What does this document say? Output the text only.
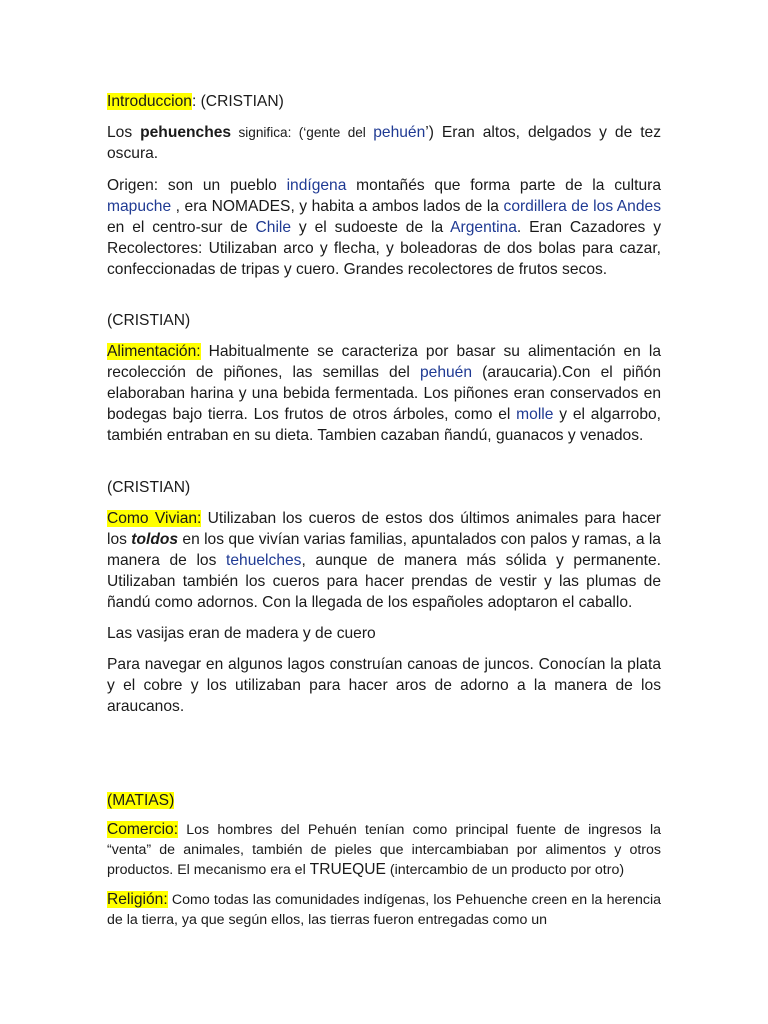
Introduccion: (CRISTIAN)

Los pehuenches significa: (‘gente del pehuén’) Eran altos, delgados y de tez oscura.

Origen: son un pueblo indígena montañés que forma parte de la cultura mapuche , era NOMADES, y habita a ambos lados de la cordillera de los Andes en el centro-sur de Chile y el sudoeste de la Argentina. Eran Cazadores y Recolectores: Utilizaban arco y flecha, y boleadoras de dos bolas para cazar, confeccionadas de tripas y cuero. Grandes recolectores de frutos secos.

(CRISTIAN)

Alimentación: Habitualmente se caracteriza por basar su alimentación en la recolección de piñones, las semillas del pehuén (araucaria).Con el piñón elaboraban harina y una bebida fermentada. Los piñones eran conservados en bodegas bajo tierra. Los frutos de otros árboles, como el molle y el algarrobo, también entraban en su dieta. Tambien cazaban ñandú, guanacos y venados.

(CRISTIAN)

Como Vivian: Utilizaban los cueros de estos dos últimos animales para hacer los toldos en los que vivían varias familias, apuntalados con palos y ramas, a la manera de los tehuelches, aunque de manera más sólida y permanente. Utilizaban también los cueros para hacer prendas de vestir y las plumas de ñandú como adornos. Con la llegada de los españoles adoptaron el caballo.

Las vasijas eran de madera y de cuero

Para navegar en algunos lagos construían canoas de juncos. Conocían la plata y el cobre y los utilizaban para hacer aros de adorno a la manera de los araucanos.

(MATIAS)

Comercio: Los hombres del Pehuén tenían como principal fuente de ingresos la “venta” de animales, también de pieles que intercambiaban por alimentos y otros productos. El mecanismo era el TRUEQUE (intercambio de un producto por otro)

Religión: Como todas las comunidades indígenas, los Pehuenche creen en la herencia de la tierra, ya que según ellos, las tierras fueron entregadas como un
